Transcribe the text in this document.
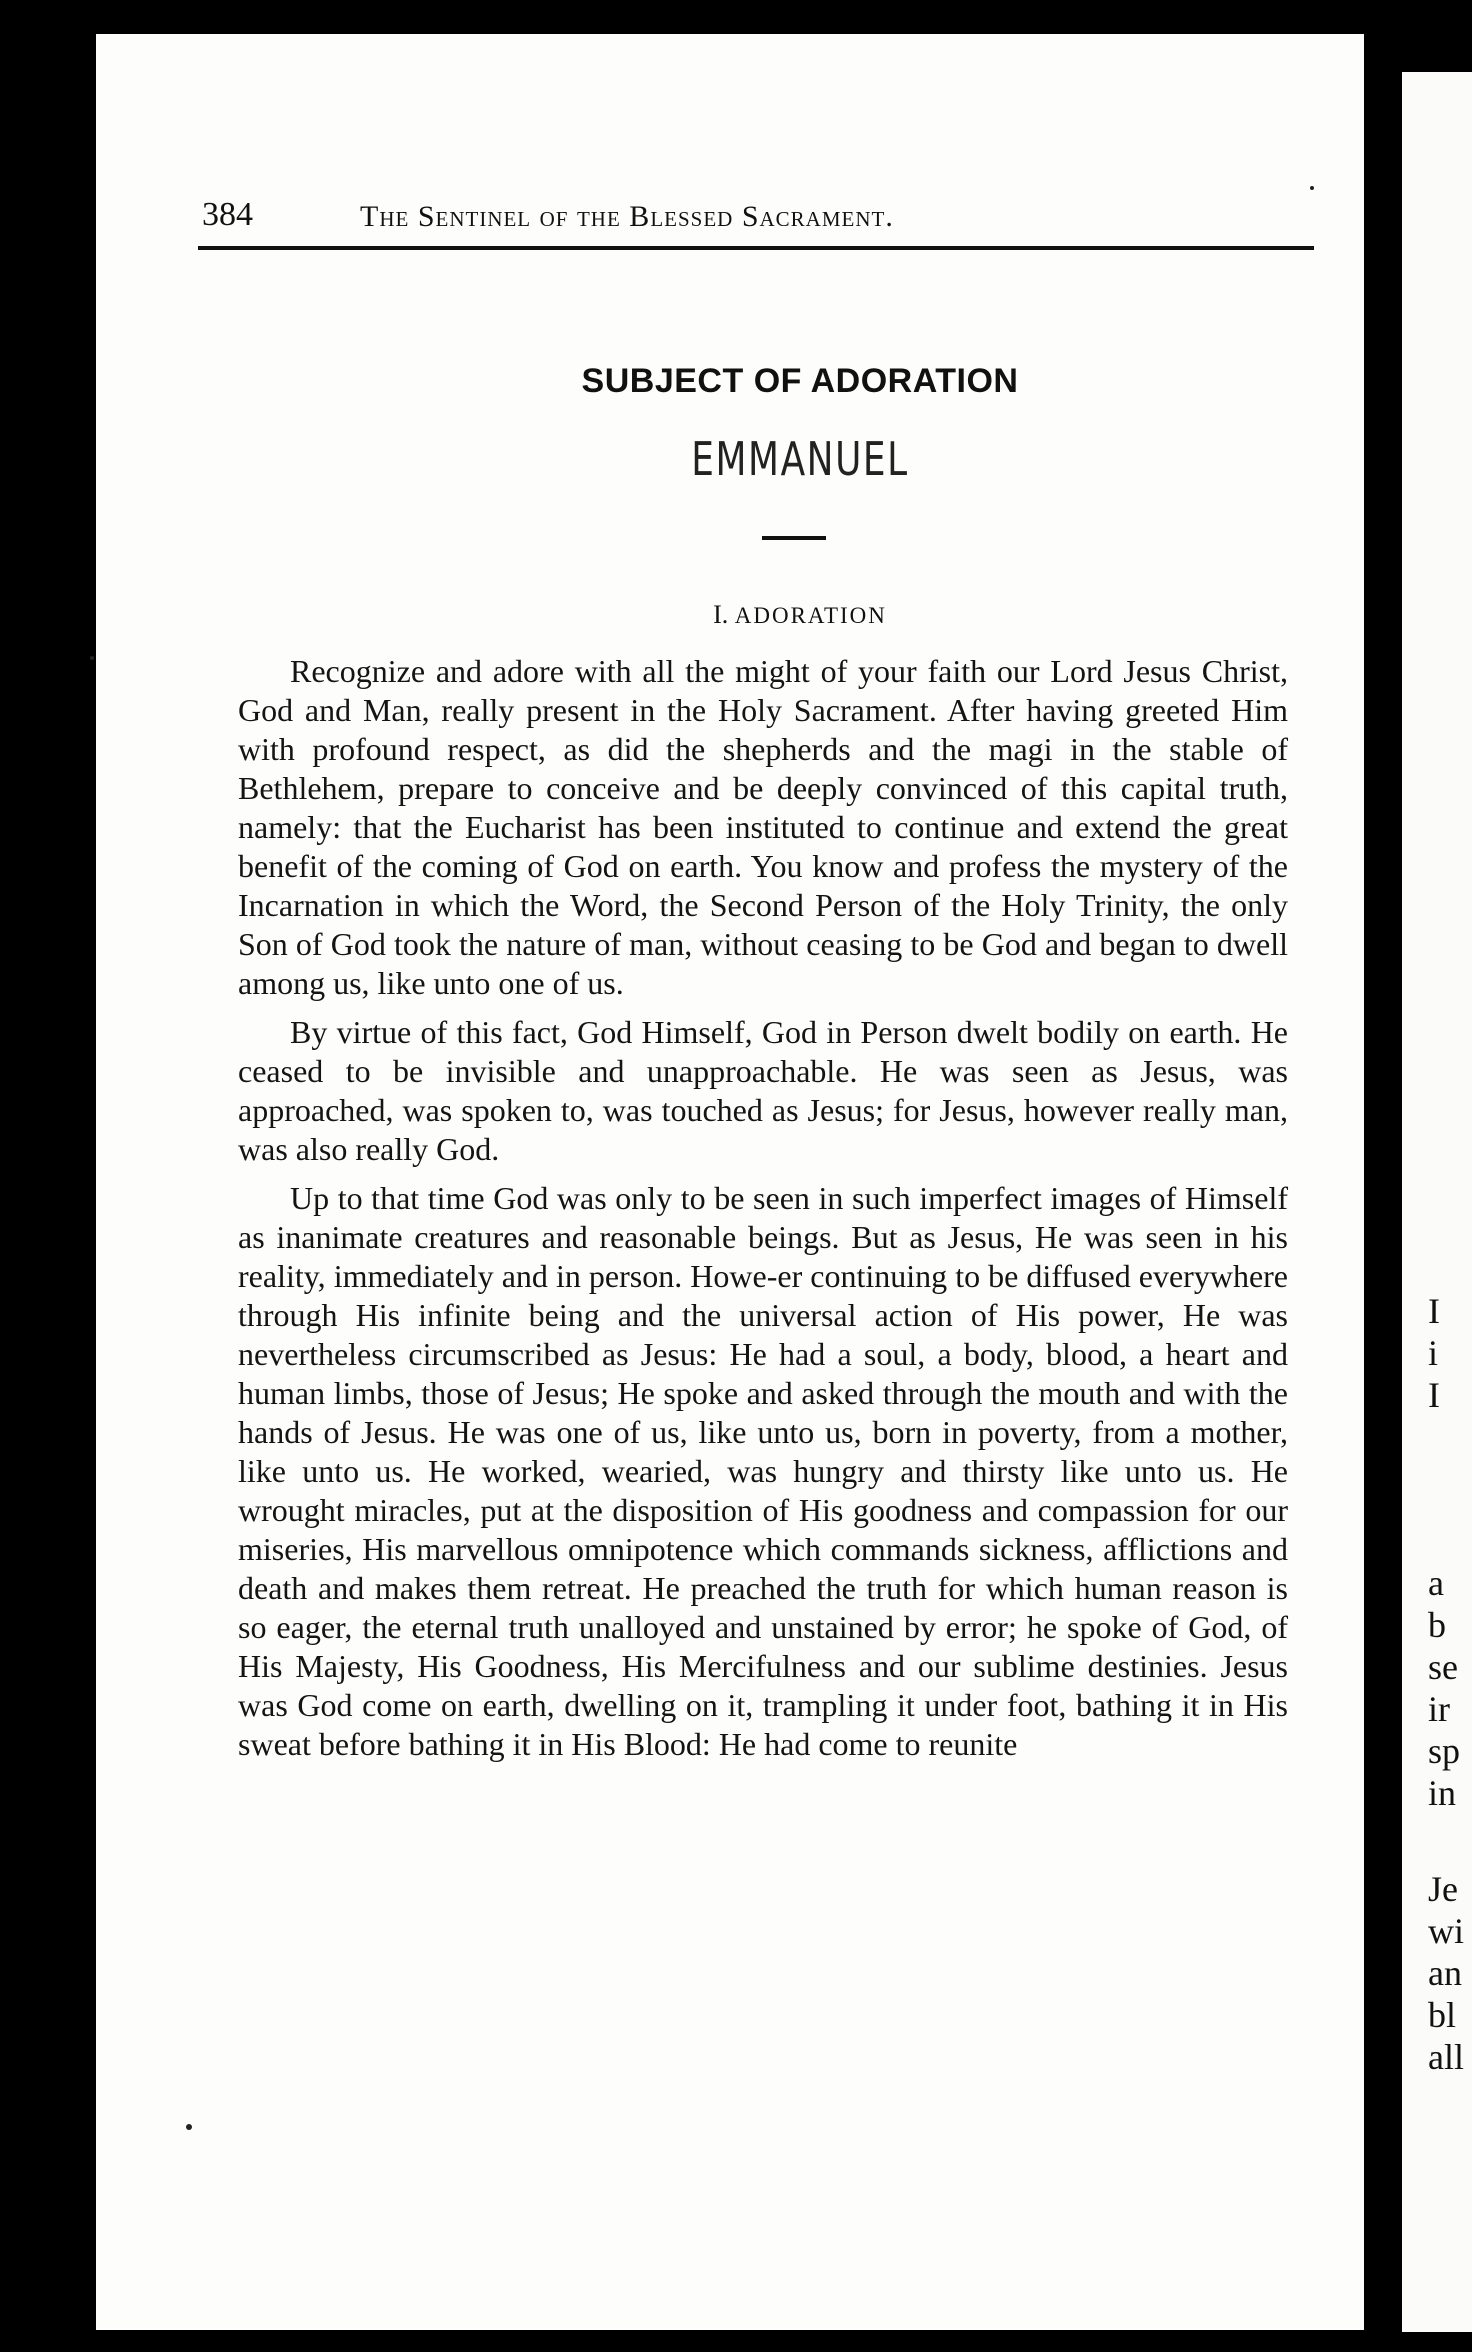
I
i
I
a
b
se
ir
sp
in
Je
wi
an
bl
all
384	The Sentinel of the Blessed Sacrament.
SUBJECT OF ADORATION
EMMANUEL
I. ADORATION

Recognize and adore with all the might of your faith our Lord Jesus Christ, God and Man, really present in the Holy Sacrament. After having greeted Him with profound respect, as did the shepherds and the magi in the stable of Bethlehem, prepare to conceive and be deeply convinced of this capital truth, namely: that the Eucharist has been instituted to continue and extend the great benefit of the coming of God on earth. You know and profess the mystery of the Incarnation in which the Word, the Second Person of the Holy Trinity, the only Son of God took the nature of man, without ceasing to be God and began to dwell among us, like unto one of us.

By virtue of this fact, God Himself, God in Person dwelt bodily on earth. He ceased to be invisible and unapproachable. He was seen as Jesus, was approached, was spoken to, was touched as Jesus; for Jesus, however really man, was also really God.

Up to that time God was only to be seen in such imperfect images of Himself as inanimate creatures and reasonable beings. But as Jesus, He was seen in his reality, immediately and in person. Howe-er continuing to be diffused everywhere through His infinite being and the universal action of His power, He was nevertheless circumscribed as Jesus: He had a soul, a body, blood, a heart and human limbs, those of Jesus; He spoke and asked through the mouth and with the hands of Jesus. He was one of us, like unto us, born in poverty, from a mother, like unto us. He worked, wearied, was hungry and thirsty like unto us. He wrought miracles, put at the disposition of His goodness and compassion for our miseries, His marvellous omnipotence which commands sickness, afflictions and death and makes them retreat. He preached the truth for which human reason is so eager, the eternal truth unalloyed and unstained by error; he spoke of God, of His Majesty, His Goodness, His Mercifulness and our sublime destinies. Jesus was God come on earth, dwelling on it, trampling it under foot, bathing it in His sweat before bathing it in His Blood: He had come to reunite
